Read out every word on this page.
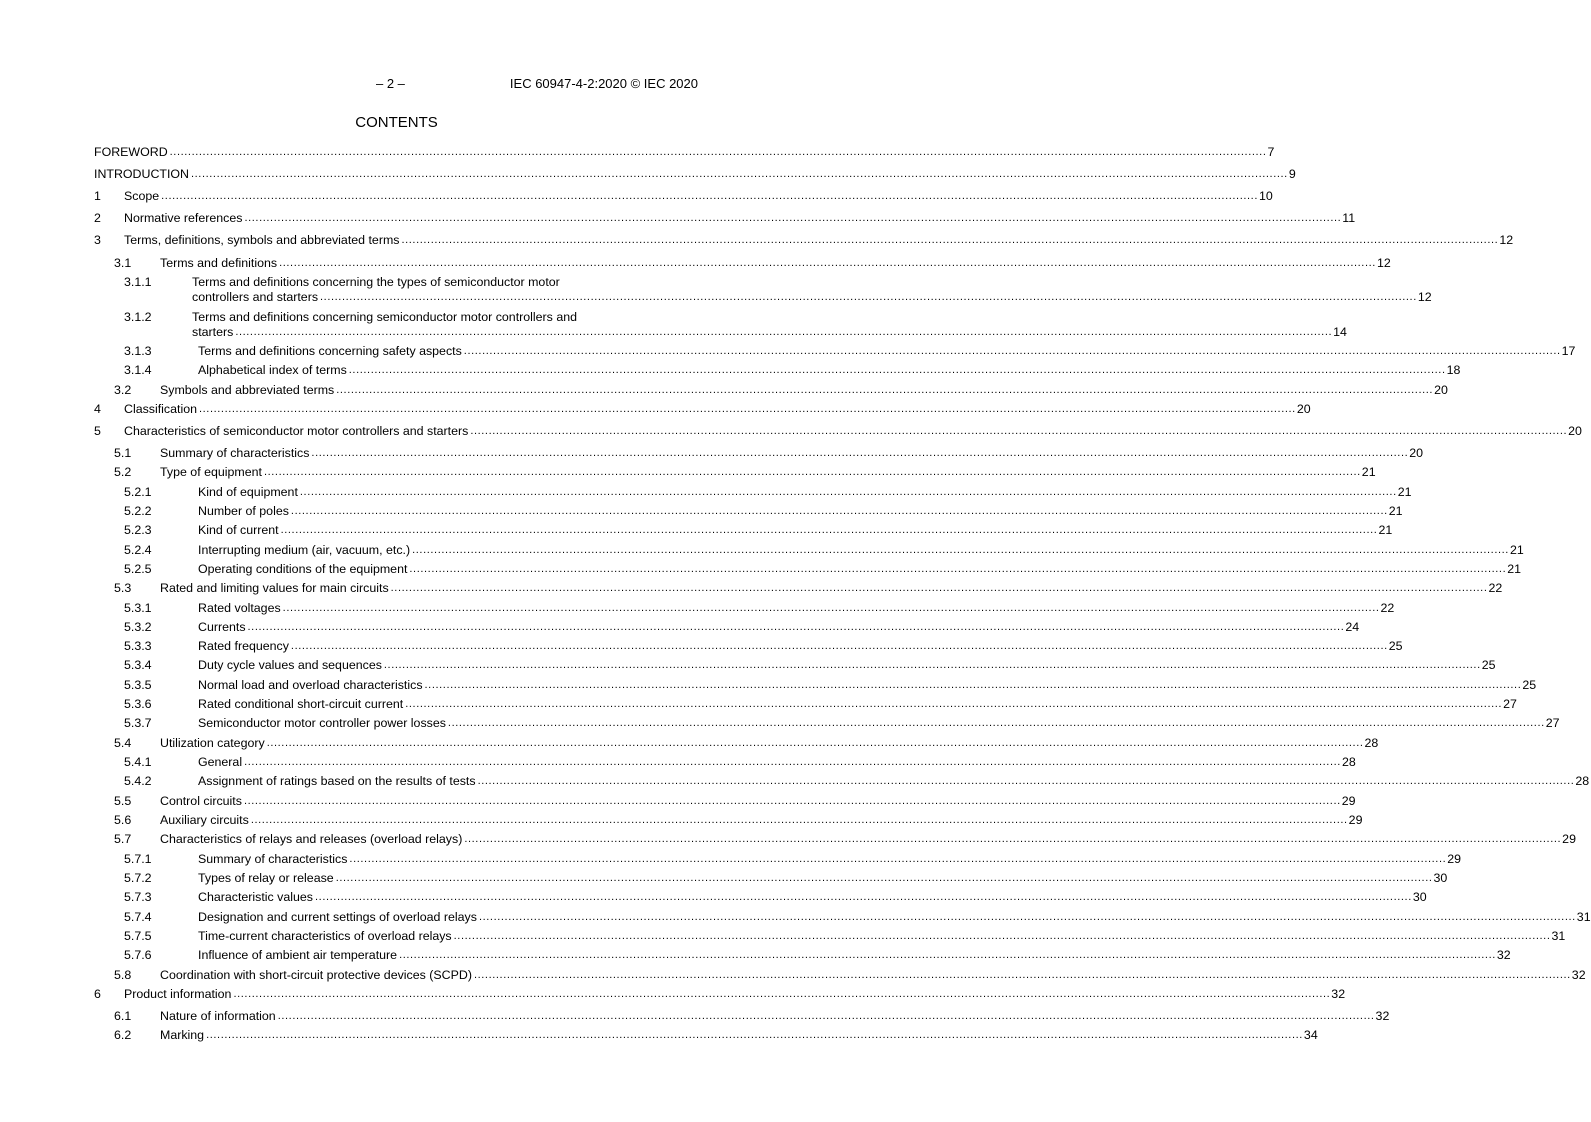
– 2 –	IEC 60947-4-2:2020 © IEC 2020
CONTENTS
FOREWORD ............................................................................................................................................................................................................................................................................................................ 7
INTRODUCTION ............................................................................................................................................................................................................................................................................................................ 9
1 Scope ............................................................................................................................................................................................................................................................................................................ 10
2 Normative references ............................................................................................................................................................................................................................................................................................................ 11
3 Terms, definitions, symbols and abbreviated terms ............................................................................................................................................................................................................................................................................................................ 12
3.1 Terms and definitions ............................................................................................................................................................................................................................................................................................................ 12
3.1.1	Terms and definitions concerning the types of semiconductor motor
controllers and starters ............................................................................................................................................................................................................................................................................................................ 12
3.1.2	Terms and definitions concerning semiconductor motor controllers and
starters ............................................................................................................................................................................................................................................................................................................ 14
3.1.3	Terms and definitions concerning safety aspects ............................................................................................................................................................................................................................................................................................................ 17
3.1.4	Alphabetical index of terms ............................................................................................................................................................................................................................................................................................................ 18
3.2 Symbols and abbreviated terms ............................................................................................................................................................................................................................................................................................................ 20
4 Classification ............................................................................................................................................................................................................................................................................................................ 20
5 Characteristics of semiconductor motor controllers and starters ............................................................................................................................................................................................................................................................................................................ 20
5.1 Summary of characteristics ............................................................................................................................................................................................................................................................................................................ 20
5.2 Type of equipment ............................................................................................................................................................................................................................................................................................................ 21
5.2.1	Kind of equipment ............................................................................................................................................................................................................................................................................................................ 21
5.2.2	Number of poles ............................................................................................................................................................................................................................................................................................................ 21
5.2.3	Kind of current ............................................................................................................................................................................................................................................................................................................ 21
5.2.4	Interrupting medium (air, vacuum, etc.) ............................................................................................................................................................................................................................................................................................................ 21
5.2.5	Operating conditions of the equipment ............................................................................................................................................................................................................................................................................................................ 21
5.3 Rated and limiting values for main circuits ............................................................................................................................................................................................................................................................................................................ 22
5.3.1	Rated voltages ............................................................................................................................................................................................................................................................................................................ 22
5.3.2	Currents ............................................................................................................................................................................................................................................................................................................ 24
5.3.3	Rated frequency ............................................................................................................................................................................................................................................................................................................ 25
5.3.4	Duty cycle values and sequences ............................................................................................................................................................................................................................................................................................................ 25
5.3.5	Normal load and overload characteristics ............................................................................................................................................................................................................................................................................................................ 25
5.3.6	Rated conditional short-circuit current ............................................................................................................................................................................................................................................................................................................ 27
5.3.7	Semiconductor motor controller power losses ............................................................................................................................................................................................................................................................................................................ 27
5.4 Utilization category ............................................................................................................................................................................................................................................................................................................ 28
5.4.1	General ............................................................................................................................................................................................................................................................................................................ 28
5.4.2	Assignment of ratings based on the results of tests ............................................................................................................................................................................................................................................................................................................ 28
5.5 Control circuits ............................................................................................................................................................................................................................................................................................................ 29
5.6 Auxiliary circuits ............................................................................................................................................................................................................................................................................................................ 29
5.7 Characteristics of relays and releases (overload relays) ............................................................................................................................................................................................................................................................................................................ 29
5.7.1	Summary of characteristics ............................................................................................................................................................................................................................................................................................................ 29
5.7.2	Types of relay or release ............................................................................................................................................................................................................................................................................................................ 30
5.7.3	Characteristic values ............................................................................................................................................................................................................................................................................................................ 30
5.7.4	Designation and current settings of overload relays ............................................................................................................................................................................................................................................................................................................ 31
5.7.5	Time-current characteristics of overload relays ............................................................................................................................................................................................................................................................................................................ 31
5.7.6	Influence of ambient air temperature ............................................................................................................................................................................................................................................................................................................ 32
5.8 Coordination with short-circuit protective devices (SCPD) ............................................................................................................................................................................................................................................................................................................ 32
6 Product information ............................................................................................................................................................................................................................................................................................................ 32
6.1 Nature of information ............................................................................................................................................................................................................................................................................................................ 32
6.2 Marking ............................................................................................................................................................................................................................................................................................................ 34
